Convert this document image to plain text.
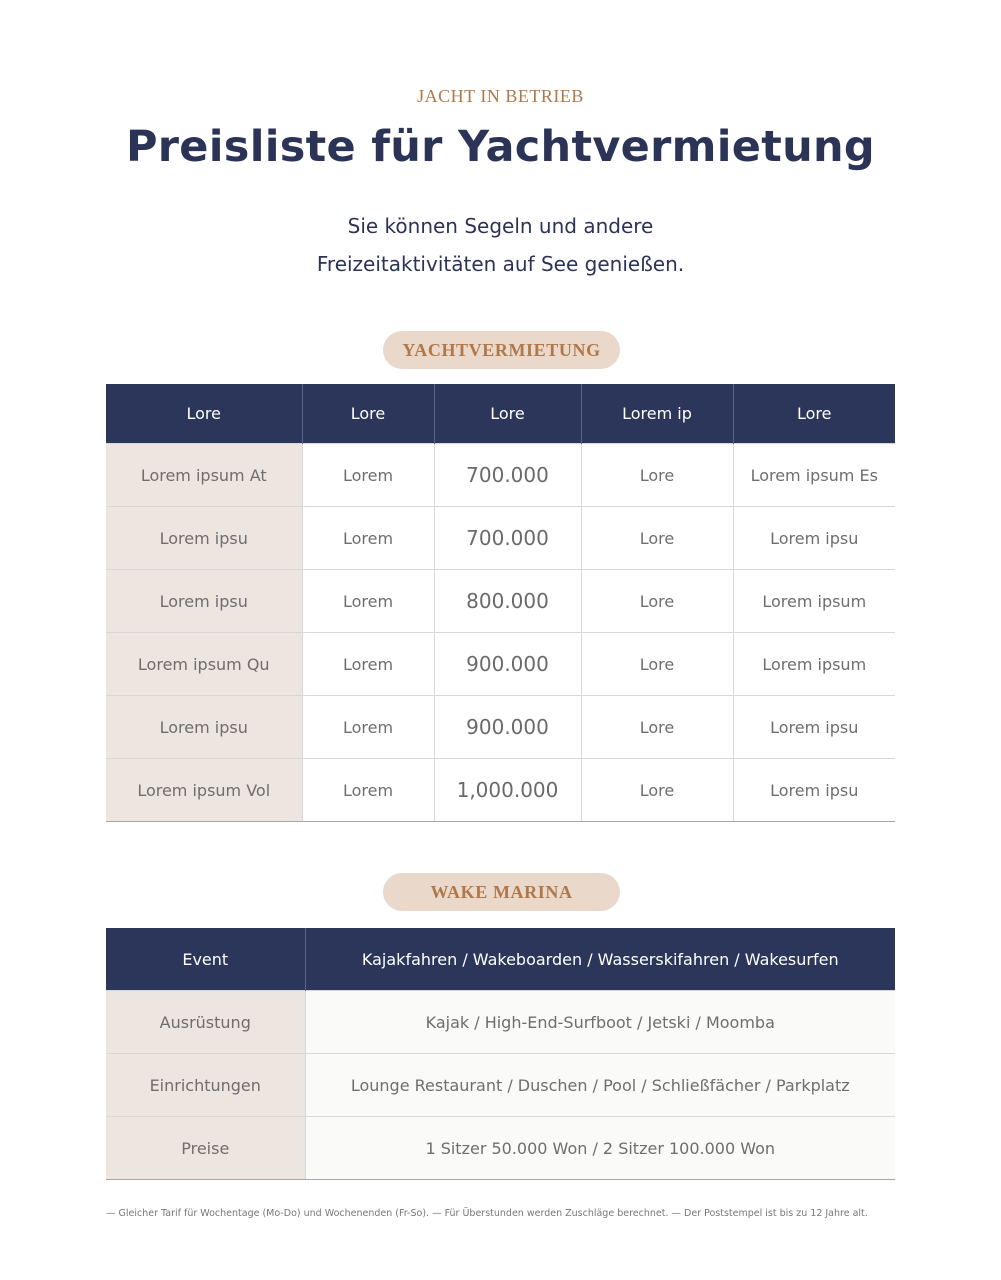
JACHT IN BETRIEB
Preisliste für Yachtvermietung
Sie können Segeln und andere
Freizeitaktivitäten auf See genießen.
YACHTVERMIETUNG
Lore	Lore	Lore	Lorem ip	Lore
Lorem ipsum At	Lorem	700.000	Lore	Lorem ipsum Es
Lorem ipsu	Lorem	700.000	Lore	Lorem ipsu
Lorem ipsu	Lorem	800.000	Lore	Lorem ipsum
Lorem ipsum Qu	Lorem	900.000	Lore	Lorem ipsum
Lorem ipsu	Lorem	900.000	Lore	Lorem ipsu
Lorem ipsum Vol	Lorem	1,000.000	Lore	Lorem ipsu
WAKE MARINA
Event	Kajakfahren / Wakeboarden / Wasserskifahren / Wakesurfen
Ausrüstung	Kajak / High-End-Surfboot / Jetski / Moomba
Einrichtungen	Lounge Restaurant / Duschen / Pool / Schließfächer / Parkplatz
Preise	1 Sitzer 50.000 Won / 2 Sitzer 100.000 Won
— Gleicher Tarif für Wochentage (Mo-Do) und Wochenenden (Fr-So). — Für Überstunden werden Zuschläge berechnet. — Der Poststempel ist bis zu 12 Jahre alt.
